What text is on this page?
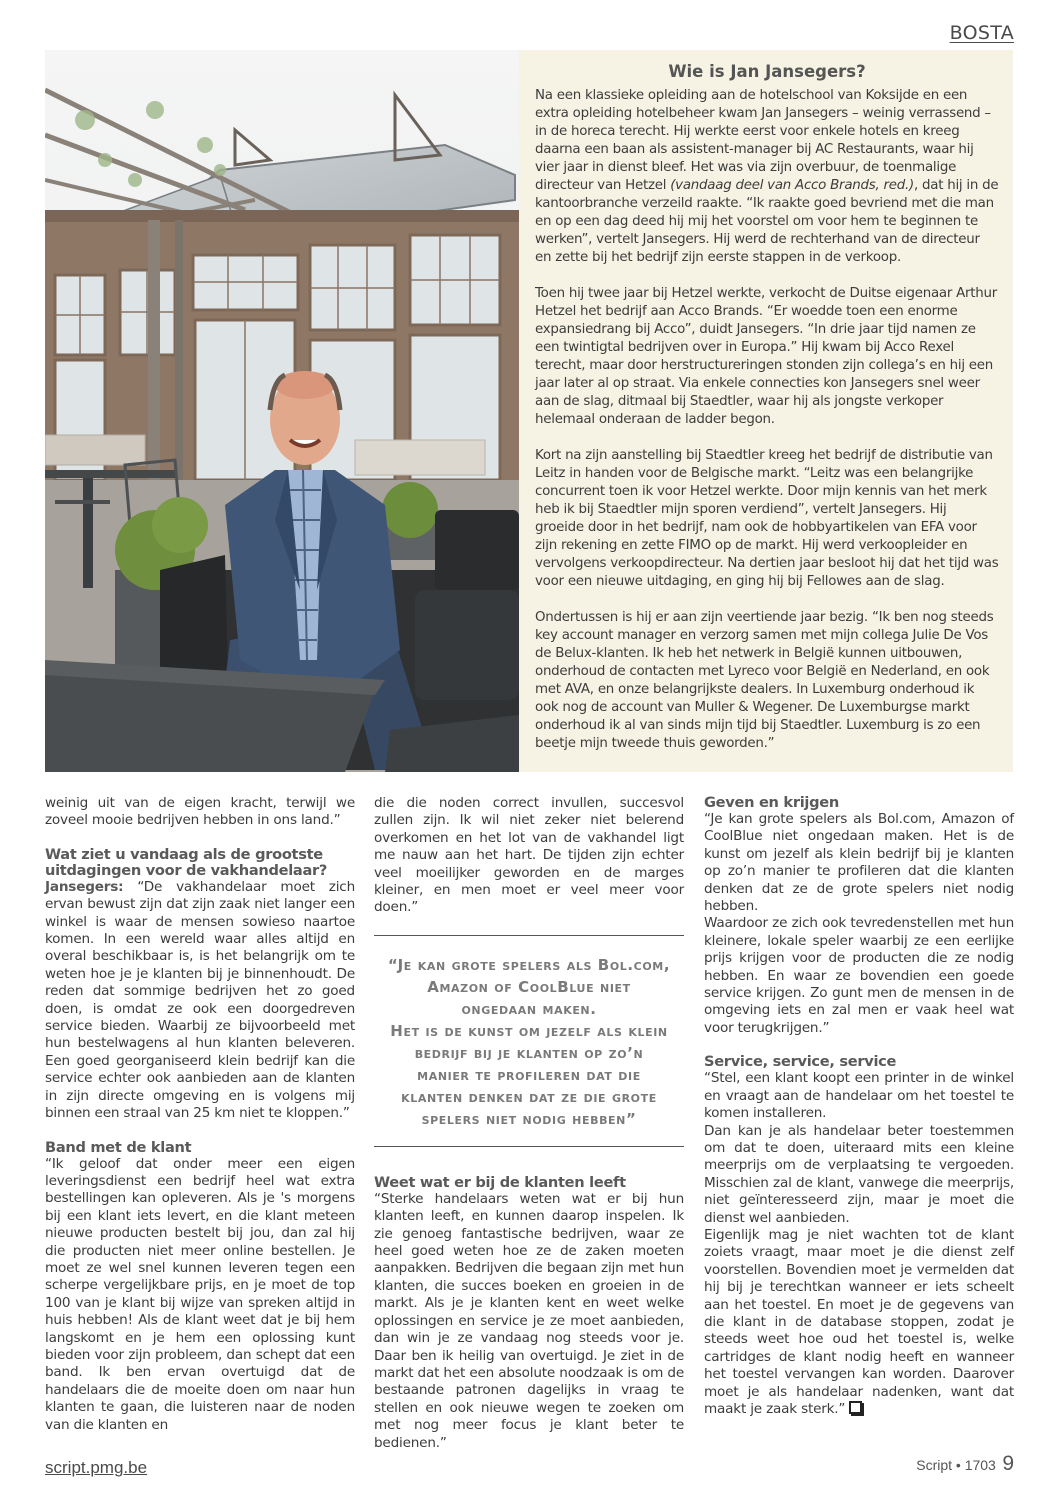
BOSTA
Wie is Jan Jansegers?

Na een klassieke opleiding aan de hotelschool van Koksijde en een extra opleiding hotelbeheer kwam Jan Jansegers – weinig verrassend – in de horeca terecht. Hij werkte eerst voor enkele hotels en kreeg daarna een baan als assistent-manager bij AC Restaurants, waar hij vier jaar in dienst bleef. Het was via zijn overbuur, de toenmalige directeur van Hetzel (vandaag deel van Acco Brands, red.), dat hij in de kantoorbranche verzeild raakte. “Ik raakte goed bevriend met die man en op een dag deed hij mij het voorstel om voor hem te beginnen te werken”, vertelt Jansegers. Hij werd de rechterhand van de directeur en zette bij het bedrijf zijn eerste stappen in de verkoop.

Toen hij twee jaar bij Hetzel werkte, verkocht de Duitse eigenaar Arthur Hetzel het bedrijf aan Acco Brands. “Er woedde toen een enorme expansiedrang bij Acco”, duidt Jansegers. “In drie jaar tijd namen ze een twintigtal bedrijven over in Europa.” Hij kwam bij Acco Rexel terecht, maar door herstructureringen stonden zijn collega’s en hij een jaar later al op straat. Via enkele connecties kon Jansegers snel weer aan de slag, ditmaal bij Staedtler, waar hij als jongste verkoper helemaal onderaan de ladder begon.

Kort na zijn aanstelling bij Staedtler kreeg het bedrijf de distributie van Leitz in handen voor de Belgische markt. “Leitz was een belangrijke concurrent toen ik voor Hetzel werkte. Door mijn kennis van het merk heb ik bij Staedtler mijn sporen verdiend”, vertelt Jansegers. Hij groeide door in het bedrijf, nam ook de hobbyartikelen van EFA voor zijn rekening en zette FIMO op de markt. Hij werd verkoopleider en vervolgens verkoopdirecteur. Na dertien jaar besloot hij dat het tijd was voor een nieuwe uitdaging, en ging hij bij Fellowes aan de slag.

Ondertussen is hij er aan zijn veertiende jaar bezig. “Ik ben nog steeds key account manager en verzorg samen met mijn collega Julie De Vos de Belux-klanten. Ik heb het netwerk in België kunnen uitbouwen, onderhoud de contacten met Lyreco voor België en Nederland, en ook met AVA, en onze belangrijkste dealers. In Luxemburg onderhoud ik ook nog de account van Muller & Wegener. De Luxemburgse markt onderhoud ik al van sinds mijn tijd bij Staedtler. Luxemburg is zo een beetje mijn tweede thuis geworden.”

weinig uit van de eigen kracht, terwijl we zoveel mooie bedrijven hebben in ons land.”

Wat ziet u vandaag als de grootste uitdagingen voor de vakhandelaar?

Jansegers: “De vakhandelaar moet zich ervan bewust zijn dat zijn zaak niet langer een winkel is waar de mensen sowieso naartoe komen. In een wereld waar alles altijd en overal beschikbaar is, is het belangrijk om te weten hoe je je klanten bij je binnenhoudt. De reden dat sommige bedrijven het zo goed doen, is omdat ze ook een doorgedreven service bieden. Waarbij ze bijvoorbeeld met hun bestelwagens al hun klanten beleveren. Een goed georganiseerd klein bedrijf kan die service echter ook aanbieden aan de klanten in zijn directe omgeving en is volgens mij binnen een straal van 25 km niet te kloppen.”

Band met de klant

“Ik geloof dat onder meer een eigen leveringsdienst een bedrijf heel wat extra bestellingen kan opleveren. Als je 's morgens bij een klant iets levert, en die klant meteen nieuwe producten bestelt bij jou, dan zal hij die producten niet meer online bestellen. Je moet ze wel snel kunnen leveren tegen een scherpe vergelijkbare prijs, en je moet de top 100 van je klant bij wijze van spreken altijd in huis hebben! Als de klant weet dat je bij hem langskomt en je hem een oplossing kunt bieden voor zijn probleem, dan schept dat een band. Ik ben ervan overtuigd dat de handelaars die de moeite doen om naar hun klanten te gaan, die luisteren naar de noden van die klanten en

die die noden correct invullen, succesvol zullen zijn. Ik wil niet zeker niet belerend overkomen en het lot van de vakhandel ligt me nauw aan het hart. De tijden zijn echter veel moeilijker geworden en de marges kleiner, en men moet er veel meer voor doen.”

“Je kan grote spelers als Bol.com,
Amazon of CoolBlue niet
ongedaan maken.
Het is de kunst om jezelf als klein
bedrijf bij je klanten op zo’n
manier te profileren dat die
klanten denken dat ze die grote
spelers niet nodig hebben”
Weet wat er bij de klanten leeft

“Sterke handelaars weten wat er bij hun klanten leeft, en kunnen daarop inspelen. Ik zie genoeg fantastische bedrijven, waar ze heel goed weten hoe ze de zaken moeten aanpakken. Bedrijven die begaan zijn met hun klanten, die succes boeken en groeien in de markt. Als je je klanten kent en weet welke oplossingen en service je ze moet aanbieden, dan win je ze vandaag nog steeds voor je. Daar ben ik heilig van overtuigd. Je ziet in de markt dat het een absolute noodzaak is om de bestaande patronen dagelijks in vraag te stellen en ook nieuwe wegen te zoeken om met nog meer focus je klant beter te bedienen.”

Geven en krijgen

“Je kan grote spelers als Bol.com, Amazon of CoolBlue niet ongedaan maken. Het is de kunst om jezelf als klein bedrijf bij je klanten op zo’n manier te profileren dat die klanten denken dat ze de grote spelers niet nodig hebben.

Waardoor ze zich ook tevredenstellen met hun kleinere, lokale speler waarbij ze een eerlijke prijs krijgen voor de producten die ze nodig hebben. En waar ze bovendien een goede service krijgen. Zo gunt men de mensen in de omgeving iets en zal men er vaak heel wat voor terugkrijgen.”

Service, service, service

“Stel, een klant koopt een printer in de winkel en vraagt aan de handelaar om het toestel te komen installeren.

Dan kan je als handelaar beter toestemmen om dat te doen, uiteraard mits een kleine meerprijs om de verplaatsing te vergoeden. Misschien zal de klant, vanwege die meerprijs, niet geïnteresseerd zijn, maar je moet die dienst wel aanbieden.

Eigenlijk mag je niet wachten tot de klant zoiets vraagt, maar moet je die dienst zelf voorstellen. Bovendien moet je vermelden dat hij bij je terechtkan wanneer er iets scheelt aan het toestel. En moet je de gegevens van die klant in de database stoppen, zodat je steeds weet hoe oud het toestel is, welke cartridges de klant nodig heeft en wanneer het toestel vervangen kan worden. Daarover moet je als handelaar nadenken, want dat maakt je zaak sterk.”

script.pmg.be	Script • 1703 9
